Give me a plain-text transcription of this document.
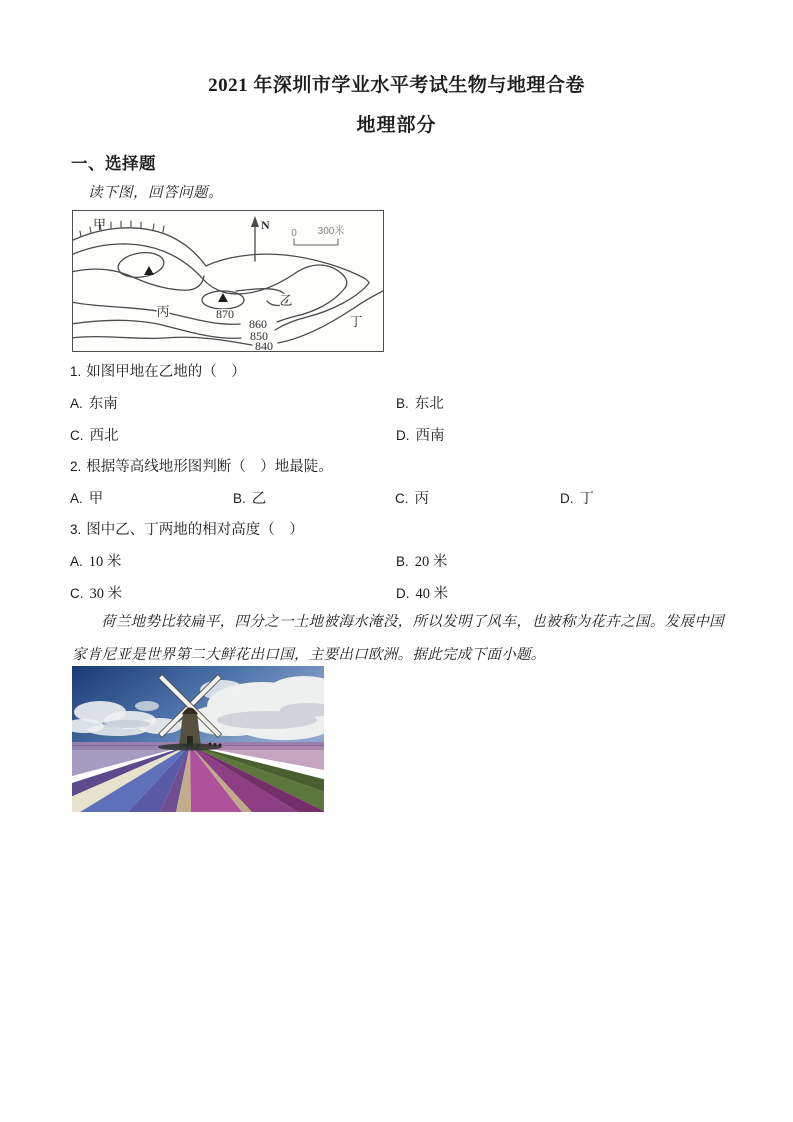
2021 年深圳市学业水平考试生物与地理合卷
地理部分
一、选择题
读下图，回答问题。
甲	N
0 300米
870
860
850
840
乙
丙
丁
1. 如图甲地在乙地的（　）
A. 东南	B. 东北
C. 西北	D. 西南
2. 根据等高线地形图判断（　）地最陡。
A. 甲	B. 乙	C. 丙	D. 丁
3. 图中乙、丁两地的相对高度（　）
A. 10 米	B. 20 米
C. 30 米	D. 40 米
荷兰地势比较扁平，四分之一土地被海水淹没，所以发明了风车，也被称为花卉之国。发展中国家肯尼亚是世界第二大鲜花出口国，主要出口欧洲。据此完成下面小题。
